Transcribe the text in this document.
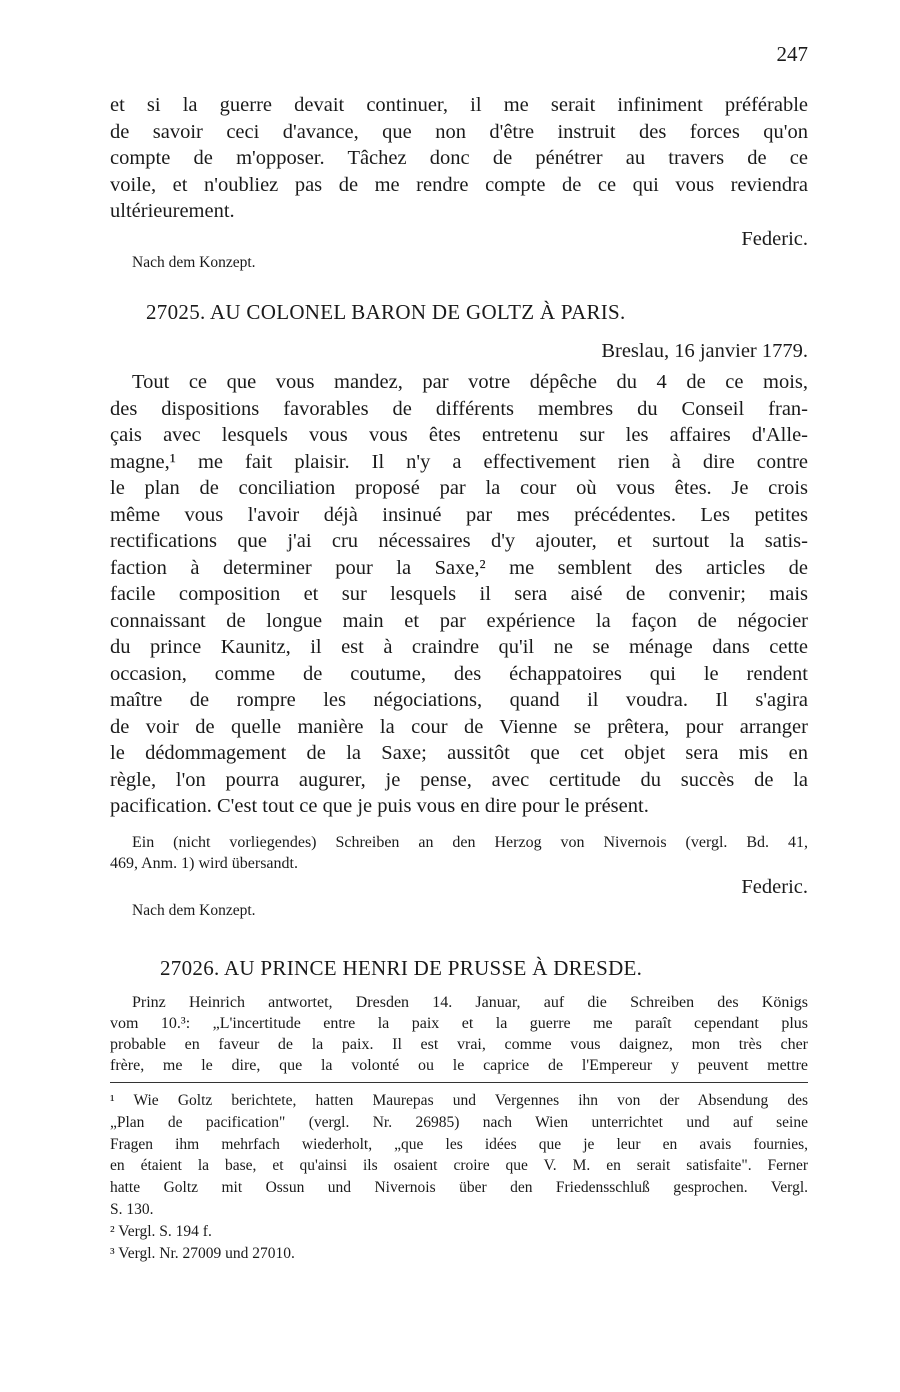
247
et si la guerre devait continuer, il me serait infiniment préférable
de savoir ceci d'avance, que non d'être instruit des forces qu'on
compte de m'opposer. Tâchez donc de pénétrer au travers de ce
voile, et n'oubliez pas de me rendre compte de ce qui vous reviendra
ultérieurement.
Federic.
Nach dem Konzept.
27025. AU COLONEL BARON DE GOLTZ À PARIS.
Breslau, 16 janvier 1779.
Tout ce que vous mandez, par votre dépêche du 4 de ce mois,
des dispositions favorables de différents membres du Conseil fran-
çais avec lesquels vous vous êtes entretenu sur les affaires d'Alle-
magne,¹ me fait plaisir. Il n'y a effectivement rien à dire contre
le plan de conciliation proposé par la cour où vous êtes. Je crois
même vous l'avoir déjà insinué par mes précédentes. Les petites
rectifications que j'ai cru nécessaires d'y ajouter, et surtout la satis-
faction à determiner pour la Saxe,² me semblent des articles de
facile composition et sur lesquels il sera aisé de convenir; mais
connaissant de longue main et par expérience la façon de négocier
du prince Kaunitz, il est à craindre qu'il ne se ménage dans cette
occasion, comme de coutume, des échappatoires qui le rendent
maître de rompre les négociations, quand il voudra. Il s'agira
de voir de quelle manière la cour de Vienne se prêtera, pour arranger
le dédommagement de la Saxe; aussitôt que cet objet sera mis en
règle, l'on pourra augurer, je pense, avec certitude du succès de la
pacification. C'est tout ce que je puis vous en dire pour le présent.
Ein (nicht vorliegendes) Schreiben an den Herzog von Nivernois (vergl. Bd. 41,
469, Anm. 1) wird übersandt.
Federic.
Nach dem Konzept.
27026. AU PRINCE HENRI DE PRUSSE À DRESDE.
Prinz Heinrich antwortet, Dresden 14. Januar, auf die Schreiben des Königs
vom 10.³: „L'incertitude entre la paix et la guerre me paraît cependant plus
probable en faveur de la paix. Il est vrai, comme vous daignez, mon très cher
frère, me le dire, que la volonté ou le caprice de l'Empereur y peuvent mettre
¹ Wie Goltz berichtete, hatten Maurepas und Vergennes ihn von der Absendung des
„Plan de pacification" (vergl. Nr. 26985) nach Wien unterrichtet und auf seine
Fragen ihm mehrfach wiederholt, „que les idées que je leur en avais fournies,
en étaient la base, et qu'ainsi ils osaient croire que V. M. en serait satisfaite". Ferner
hatte Goltz mit Ossun und Nivernois über den Friedensschluß gesprochen. Vergl.
S. 130.
² Vergl. S. 194 f.
³ Vergl. Nr. 27009 und 27010.
